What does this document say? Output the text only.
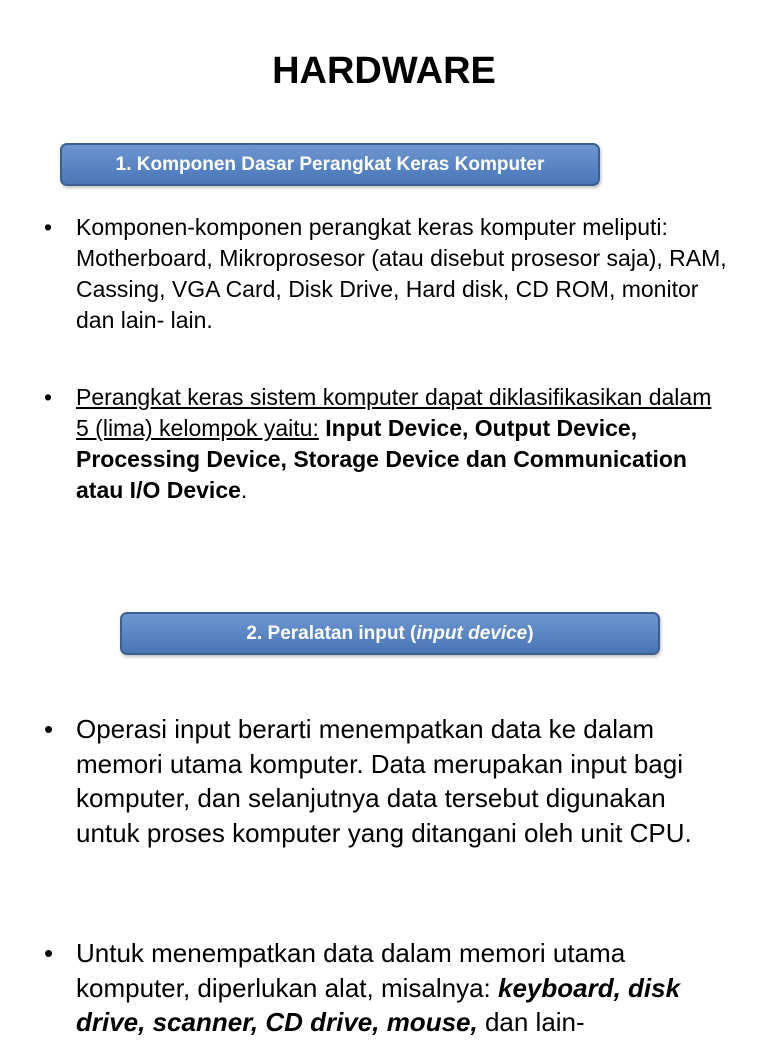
HARDWARE
1. Komponen Dasar Perangkat Keras Komputer
• Komponen-komponen perangkat keras komputer meliputi: Motherboard, Mikroprosesor (atau disebut prosesor saja), RAM, Cassing, VGA Card, Disk Drive, Hard disk, CD ROM, monitor dan lain- lain.
• Perangkat keras sistem komputer dapat diklasifikasikan dalam 5 (lima) kelompok yaitu: Input Device, Output Device, Processing Device, Storage Device dan Communication atau I/O Device.
2. Peralatan input ( input device )
• Operasi input berarti menempatkan data ke dalam memori utama komputer. Data merupakan input bagi komputer, dan selanjutnya data tersebut digunakan untuk proses komputer yang ditangani oleh unit CPU.
• Untuk menempatkan data dalam memori utama komputer, diperlukan alat, misalnya: keyboard, disk drive, scanner, CD drive, mouse, dan lain-
